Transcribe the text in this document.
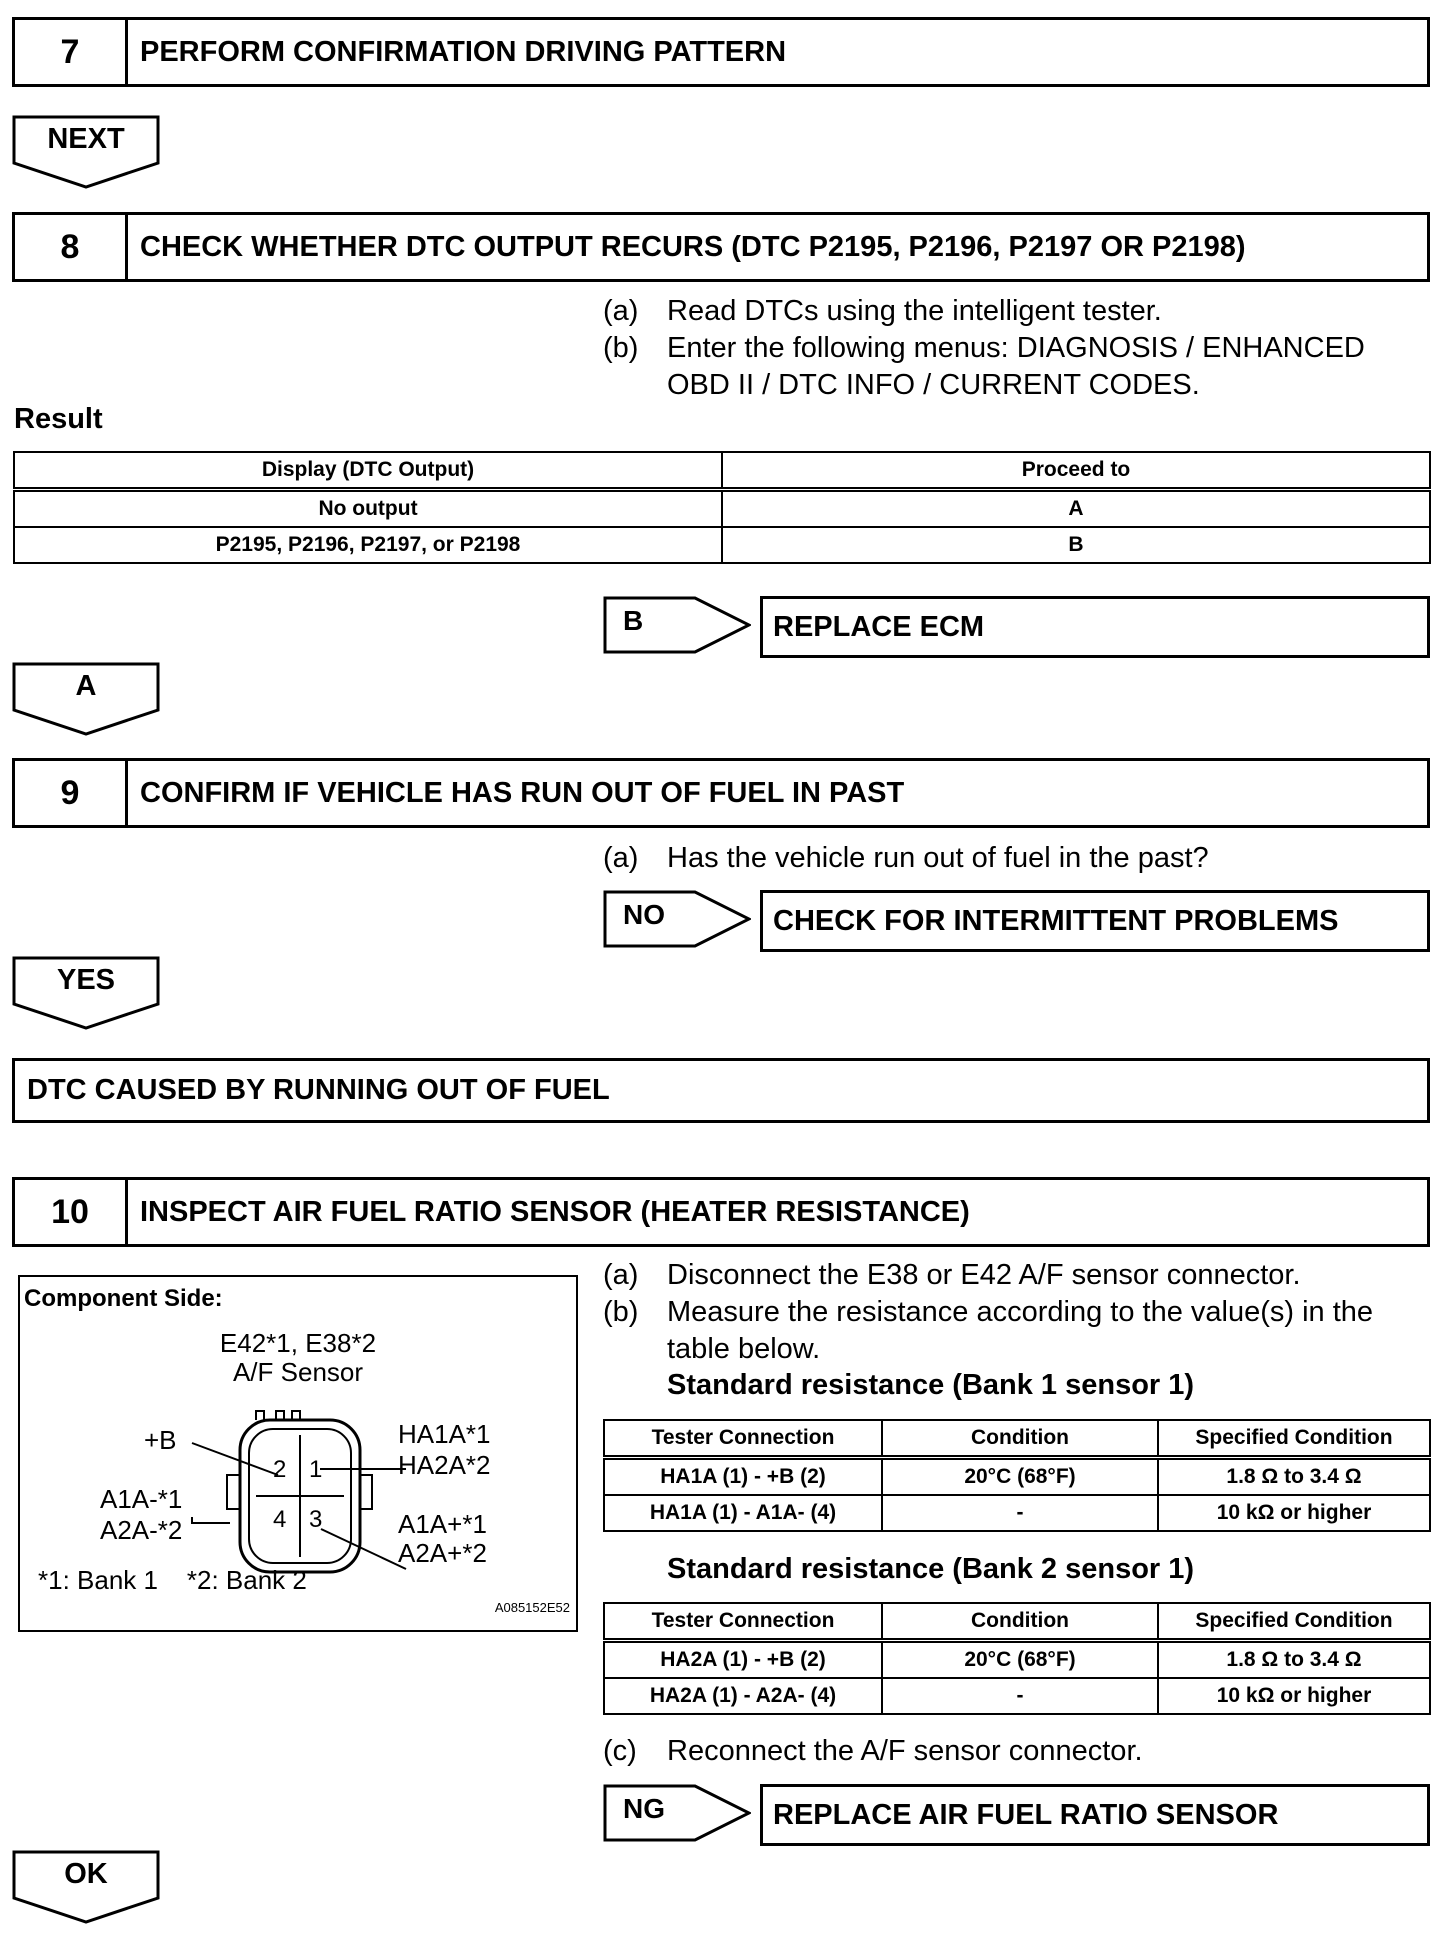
7	PERFORM CONFIRMATION DRIVING PATTERN
NEXT
8	CHECK WHETHER DTC OUTPUT RECURS (DTC P2195, P2196, P2197 OR P2198)
(a) Read DTCs using the intelligent tester.
(b) Enter the following menus: DIAGNOSIS / ENHANCED OBD II / DTC INFO / CURRENT CODES.
Result
Display (DTC Output)	Proceed to
No output	A
P2195, P2196, P2197, or P2198	B
B	REPLACE ECM
A
9	CONFIRM IF VEHICLE HAS RUN OUT OF FUEL IN PAST
(a) Has the vehicle run out of fuel in the past?
NO	CHECK FOR INTERMITTENT PROBLEMS
YES
DTC CAUSED BY RUNNING OUT OF FUEL
10	INSPECT AIR FUEL RATIO SENSOR (HEATER RESISTANCE)
Component Side:
E42*1, E38*2
A/F Sensor
2 1
4 3
+B	HA1A*1
HA2A*2
A1A-*1
A2A-*2	A1A+*1
A2A+*2
*1: Bank 1    *2: Bank 2
A085152E52
(a) Disconnect the E38 or E42 A/F sensor connector.
(b) Measure the resistance according to the value(s) in the table below.
Standard resistance (Bank 1 sensor 1)
Tester Connection	Condition	Specified Condition
HA1A (1) - +B (2)	20°C (68°F)	1.8 Ω to 3.4 Ω
HA1A (1) - A1A- (4)	-	10 kΩ or higher
Standard resistance (Bank 2 sensor 1)
Tester Connection	Condition	Specified Condition
HA2A (1) - +B (2)	20°C (68°F)	1.8 Ω to 3.4 Ω
HA2A (1) - A2A- (4)	-	10 kΩ or higher
(c)	Reconnect the A/F sensor connector.
NG	REPLACE AIR FUEL RATIO SENSOR
OK
